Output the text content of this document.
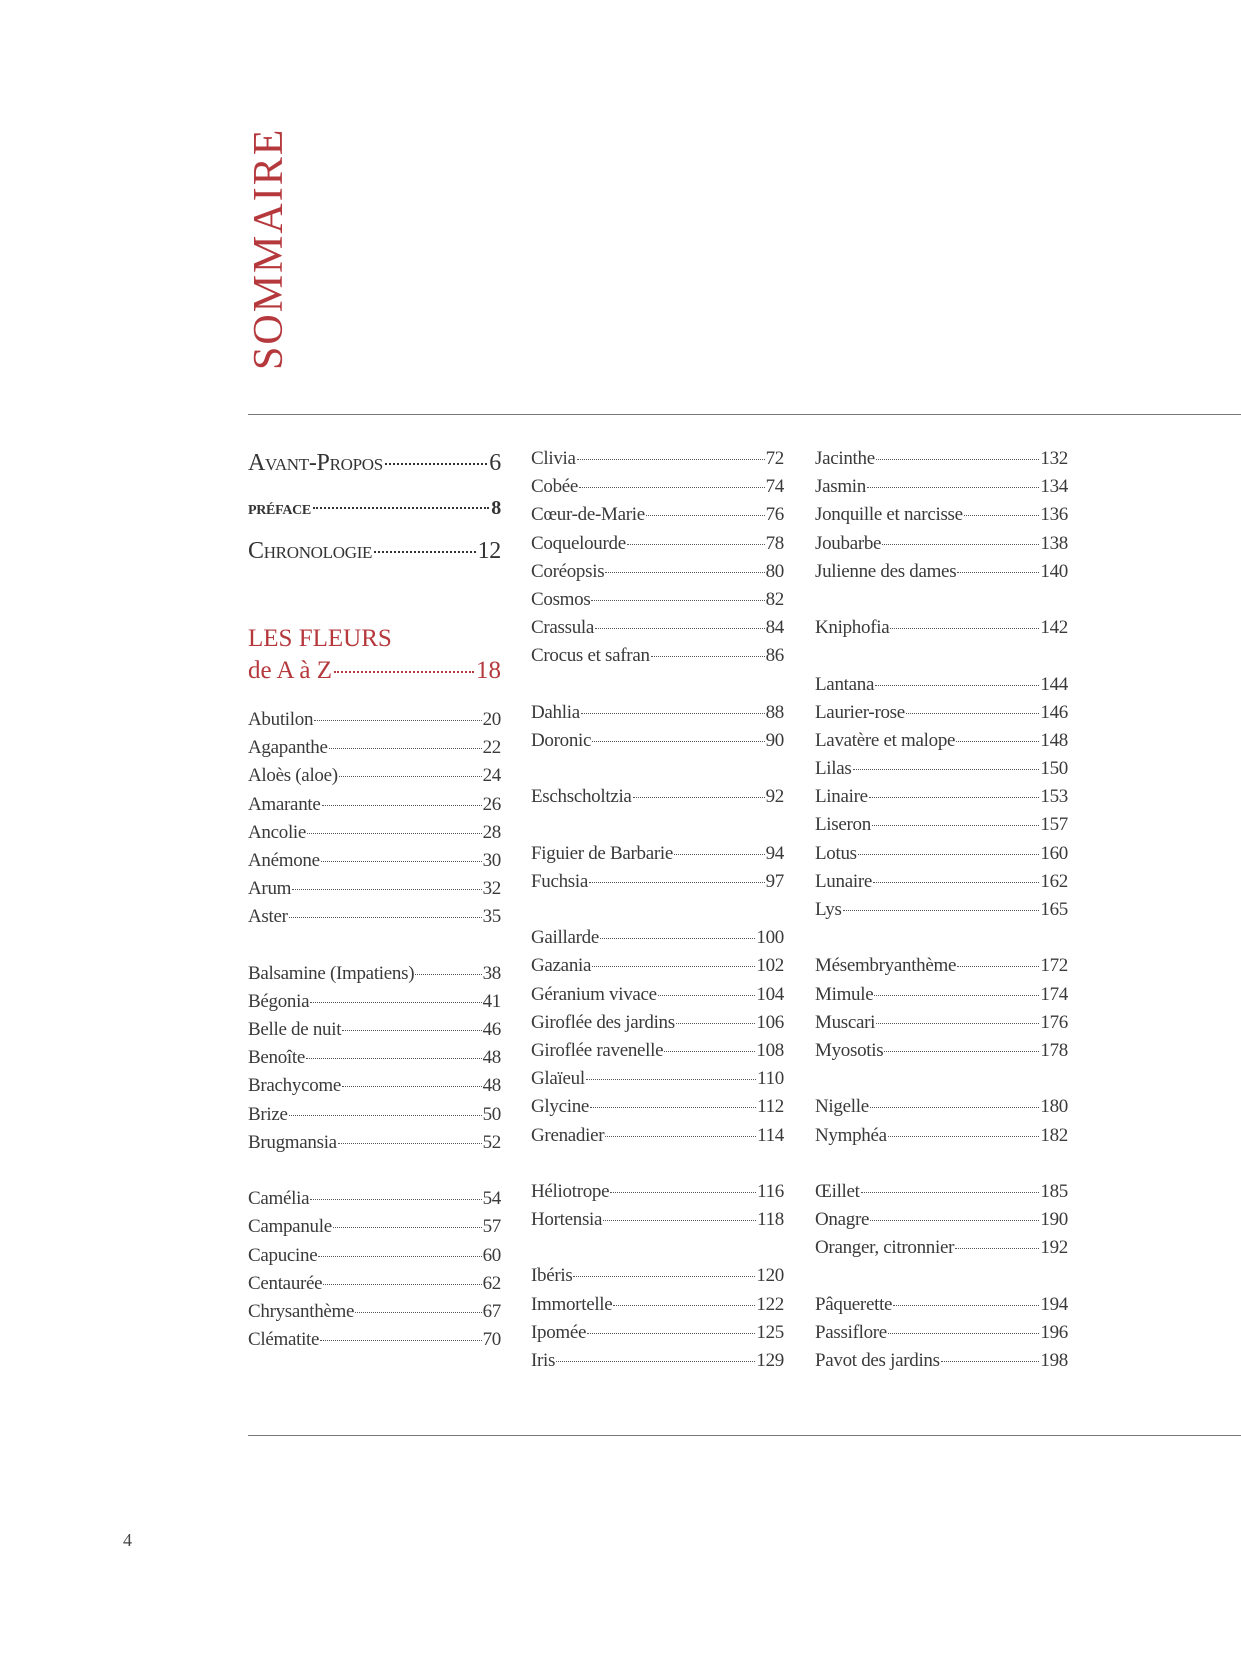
SOMMAIRE
Avant-Propos	6
préface	8
Chronologie	12
LES FLEURS
de A à Z	18
Abutilon	20
Agapanthe	22
Aloès (aloe)	24
Amarante	26
Ancolie	28
Anémone	30
Arum	32
Aster	35
Balsamine (Impatiens)	38
Bégonia	41
Belle de nuit	46
Benoîte	48
Brachycome	48
Brize	50
Brugmansia	52
Camélia	54
Campanule	57
Capucine	60
Centaurée	62
Chrysanthème	67
Clématite	70
Clivia	72
Cobée	74
Cœur-de-Marie	76
Coquelourde	78
Coréopsis	80
Cosmos	82
Crassula	84
Crocus et safran	86
Dahlia	88
Doronic	90
Eschscholtzia	92
Figuier de Barbarie	94
Fuchsia	97
Gaillarde	100
Gazania	102
Géranium vivace	104
Giroflée des jardins	106
Giroflée ravenelle	108
Glaïeul	110
Glycine	112
Grenadier	114
Héliotrope	116
Hortensia	118
Ibéris	120
Immortelle	122
Ipomée	125
Iris	129
Jacinthe	132
Jasmin	134
Jonquille et narcisse	136
Joubarbe	138
Julienne des dames	140
Kniphofia	142
Lantana	144
Laurier-rose	146
Lavatère et malope	148
Lilas	150
Linaire	153
Liseron	157
Lotus	160
Lunaire	162
Lys	165
Mésembryanthème	172
Mimule	174
Muscari	176
Myosotis	178
Nigelle	180
Nymphéa	182
Œillet	185
Onagre	190
Oranger, citronnier	192
Pâquerette	194
Passiflore	196
Pavot des jardins	198
4
